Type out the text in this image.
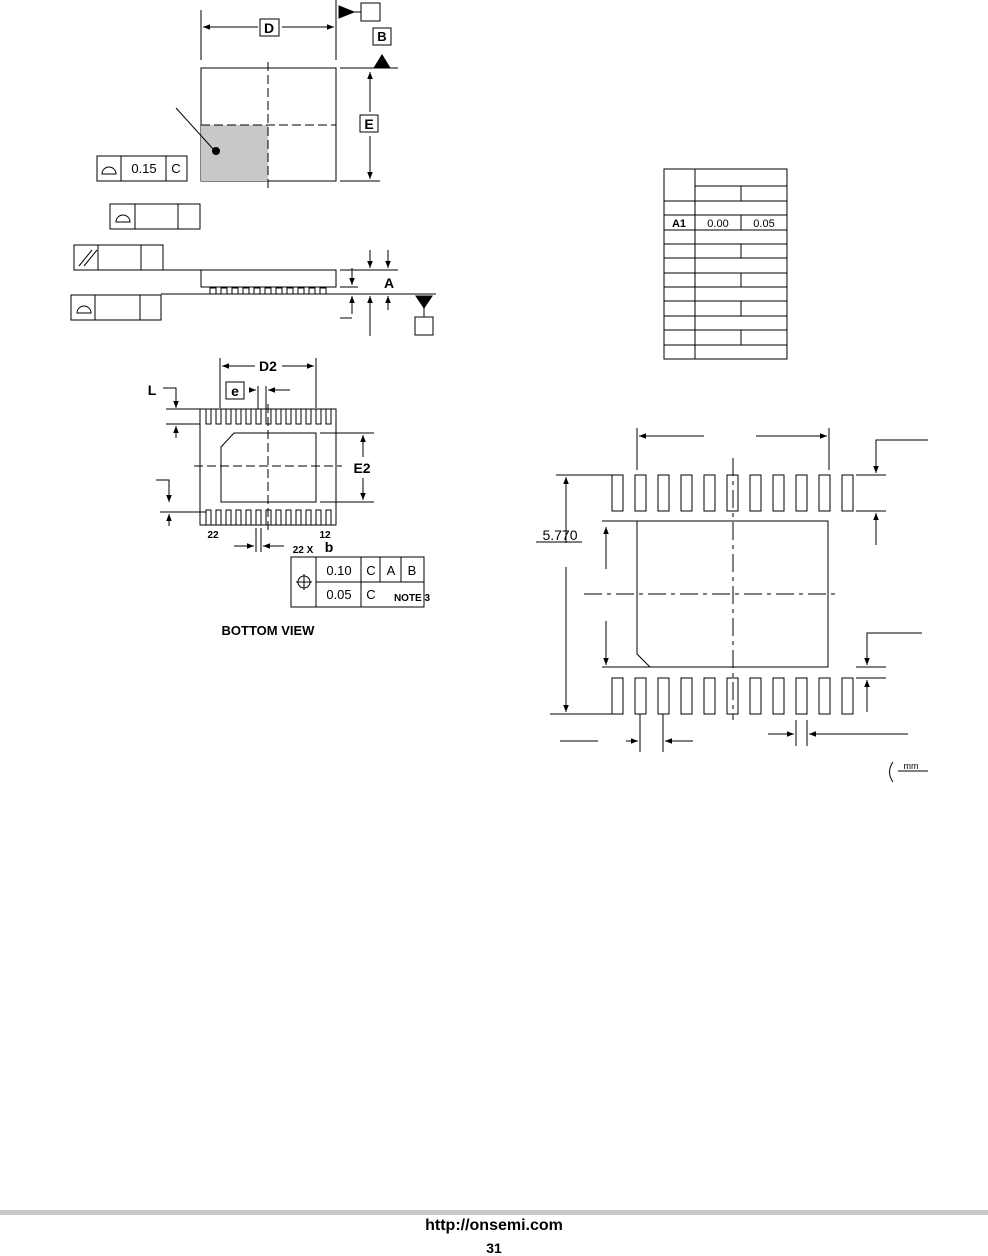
D
B
E
0.15 C
A
D2
e
L
E2
22	12
22 X b
0.10 C A B
0.05 C NOTE 3
BOTTOM VIEW
A1 0.00 0.05
5.770
mm
http://onsemi.com
31
